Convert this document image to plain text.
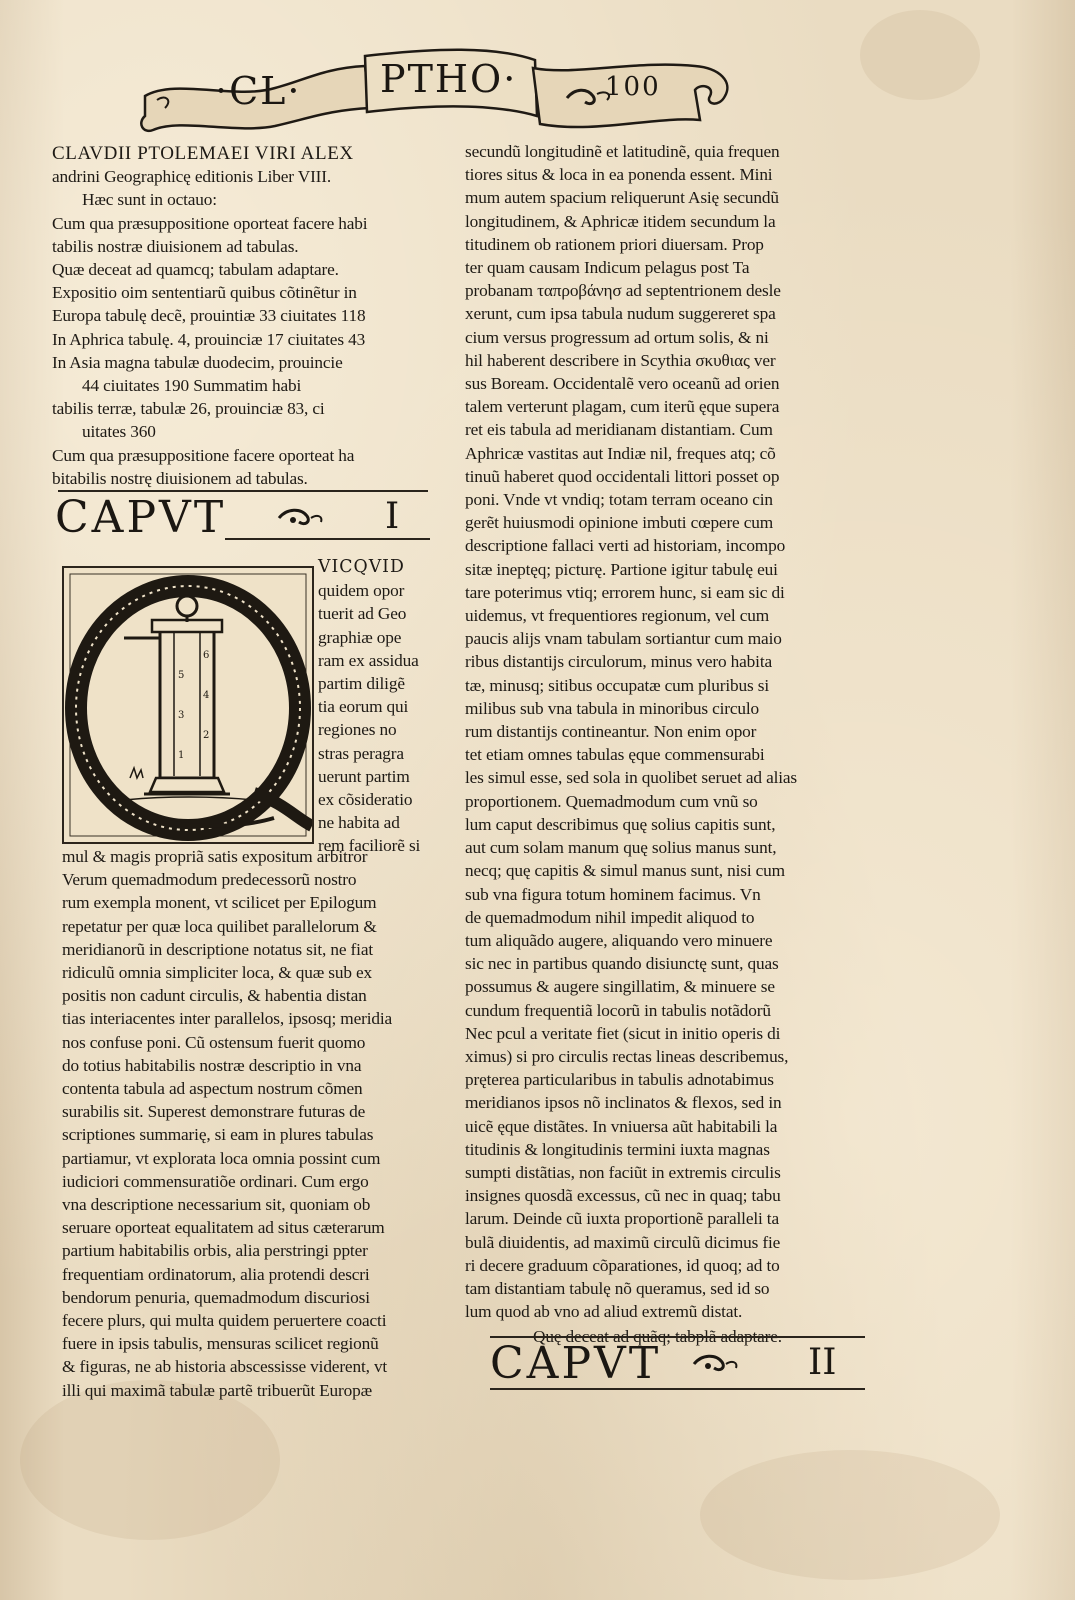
·CL· PTHO·	100
CLAVDII PTOLEMAEI VIRI ALEX
andrini Geographicę editionis Liber VIII.
Hæc sunt in octauo:
Cum qua præsuppositione oporteat facere habi
tabilis nostræ diuisionem ad tabulas.
Quæ deceat ad quamcq; tabulam adaptare.
Expositio oim sententiarũ quibus cõtinẽtur in
Europa tabulę decẽ, prouintiæ 33 ciuitates 118
In Aphrica tabulę. 4, prouinciæ 17 ciuitates 43
In Asia magna tabulæ duodecim, prouincie
44 ciuitates 190 Summatim habi
tabilis terræ, tabulæ 26, prouinciæ 83, ci
uitates 360
Cum qua præsuppositione facere oporteat ha
bitabilis nostrę diuisionem ad tabulas.
CAPVT	I
6
5
4
3
2
1
VICQVID
quidem opor
tuerit ad Geo
graphiæ ope
ram ex assidua
partim diligẽ
tia eorum qui
regiones no
stras peragra
uerunt partim
ex cõsideratio
ne habita ad
rem faciliorẽ si
mul & magis propriã satis expositum arbitror
Verum quemadmodum predecessorũ nostro
rum exempla monent, vt scilicet per Epilogum
repetatur per quæ loca quilibet parallelorum &
meridianorũ in descriptione notatus sit, ne fiat
ridiculũ omnia simpliciter loca, & quæ sub ex
positis non cadunt circulis, & habentia distan
tias interiacentes inter parallelos, ipsosq; meridia
nos confuse poni. Cũ ostensum fuerit quomo
do totius habitabilis nostræ descriptio in vna
contenta tabula ad aspectum nostrum cõmen
surabilis sit. Superest demonstrare futuras de
scriptiones summarię, si eam in plures tabulas
partiamur, vt explorata loca omnia possint cum
iudiciori commensuratiõe ordinari. Cum ergo
vna descriptione necessarium sit, quoniam ob
seruare oporteat equalitatem ad situs cæterarum
partium habitabilis orbis, alia perstringi ppter
frequentiam ordinatorum, alia protendi descri
bendorum penuria, quemadmodum discuriosi
fecere plurs, qui multa quidem peruertere coacti
fuere in ipsis tabulis, mensuras scilicet regionũ
& figuras, ne ab historia abscessisse viderent, vt
illi qui maximã tabulæ partẽ tribuerũt Europæ
secundũ longitudinẽ et latitudinẽ, quia frequen
tiores situs & loca in ea ponenda essent. Mini
mum autem spacium reliquerunt Asię secundũ
longitudinem, & Aphricæ itidem secundum la
titudinem ob rationem priori diuersam. Prop
ter quam causam Indicum pelagus post Ta
probanam ταπροβάνησ ad septentrionem desle
xerunt, cum ipsa tabula nudum suggereret spa
cium versus progressum ad ortum solis, & ni
hil haberent describere in Scythia σκυθιας ver
sus Boream. Occidentalẽ vero oceanũ ad orien
talem verterunt plagam, cum iterũ ęque supera
ret eis tabula ad meridianam distantiam. Cum
Aphricæ vastitas aut Indiæ nil, freques atq; cõ
tinuũ haberet quod occidentali littori posset op
poni. Vnde vt vndiq; totam terram oceano cin
gerẽt huiusmodi opinione imbuti cœpere cum
descriptione fallaci verti ad historiam, incompo
sitæ ineptęq; picturę. Partione igitur tabulę eui
tare poterimus vtiq; errorem hunc, si eam sic di
uidemus, vt frequentiores regionum, vel cum
paucis alijs vnam tabulam sortiantur cum maio
ribus distantijs circulorum, minus vero habita
tæ, minusq; sitibus occupatæ cum pluribus si
milibus sub vna tabula in minoribus circulo
rum distantijs contineantur. Non enim opor
tet etiam omnes tabulas ęque commensurabi
les simul esse, sed sola in quolibet seruet ad alias
proportionem. Quemadmodum cum vnũ so
lum caput describimus quę solius capitis sunt,
aut cum solam manum quę solius manus sunt,
necq; quę capitis & simul manus sunt, nisi cum
sub vna figura totum hominem facimus. Vn
de quemadmodum nihil impedit aliquod to
tum aliquãdo augere, aliquando vero minuere
sic nec in partibus quando disiunctę sunt, quas
possumus & augere singillatim, & minuere se
cundum frequentiã locorũ in tabulis notãdorũ
Nec pcul a veritate fiet (sicut in initio operis di
ximus) si pro circulis rectas lineas describemus,
pręterea particularibus in tabulis adnotabimus
meridianos ipsos nõ inclinatos & flexos, sed in
uicẽ ęque distãtes. In vniuersa aũt habitabili la
titudinis & longitudinis termini iuxta magnas
sumpti distãtias, non faciũt in extremis circulis
insignes quosdã excessus, cũ nec in quaq; tabu
larum. Deinde cũ iuxta proportionẽ paralleli ta
bulã diuidentis, ad maximũ circulũ dicimus fie
ri decere graduum cõparationes, id quoq; ad to
tam distantiam tabulę nõ queramus, sed id so
lum quod ab vno ad aliud extremũ distat.
Quę deceat ad quãq; tabplã adaptare.
CAPVT	II
